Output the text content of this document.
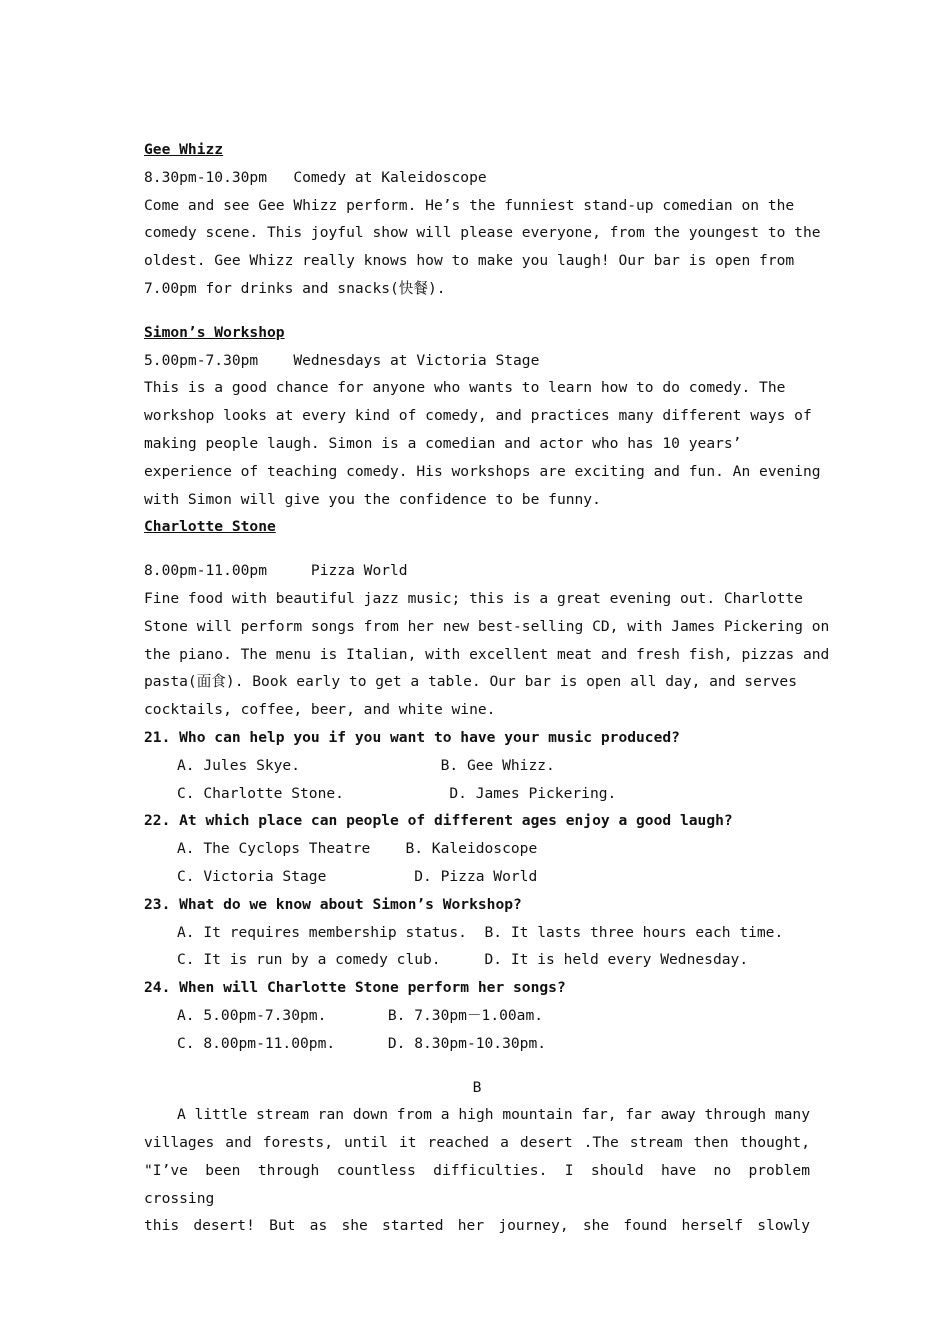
Gee Whizz
8.30pm-10.30pm   Comedy at Kaleidoscope
Come and see Gee Whizz perform. He’s the funniest stand-up comedian on the
comedy scene. This joyful show will please everyone, from the youngest to the
oldest. Gee Whizz really knows how to make you laugh! Our bar is open from
7.00pm for drinks and snacks(快餐).
Simon’s Workshop
5.00pm-7.30pm    Wednesdays at Victoria Stage
This is a good chance for anyone who wants to learn how to do comedy. The
workshop looks at every kind of comedy, and practices many different ways of
making people laugh. Simon is a comedian and actor who has 10 years’
experience of teaching comedy. His workshops are exciting and fun. An evening
with Simon will give you the confidence to be funny.
Charlotte Stone
8.00pm-11.00pm     Pizza World
Fine food with beautiful jazz music; this is a great evening out. Charlotte
Stone will perform songs from her new best-selling CD, with James Pickering on
the piano. The menu is Italian, with excellent meat and fresh fish, pizzas and
pasta(面食). Book early to get a table. Our bar is open all day, and serves
cocktails, coffee, beer, and white wine.
21. Who can help you if you want to have your music produced?
A. Jules Skye.                B. Gee Whizz.
C. Charlotte Stone.            D. James Pickering.
22. At which place can people of different ages enjoy a good laugh?
A. The Cyclops Theatre    B. Kaleidoscope
C. Victoria Stage          D. Pizza World
23. What do we know about Simon’s Workshop?
A. It requires membership status.  B. It lasts three hours each time.
C. It is run by a comedy club.     D. It is held every Wednesday.
24. When will Charlotte Stone perform her songs?
A. 5.00pm-7.30pm.       B. 7.30pm－1.00am.
C. 8.00pm-11.00pm.      D. 8.30pm-10.30pm.
B
A little stream ran down from a high mountain far, far away through many
villages and forests, until it reached a desert .The stream then thought,
"I’ve been through countless difficulties. I should have no problem crossing
this desert! But as she started her journey, she found herself slowly
